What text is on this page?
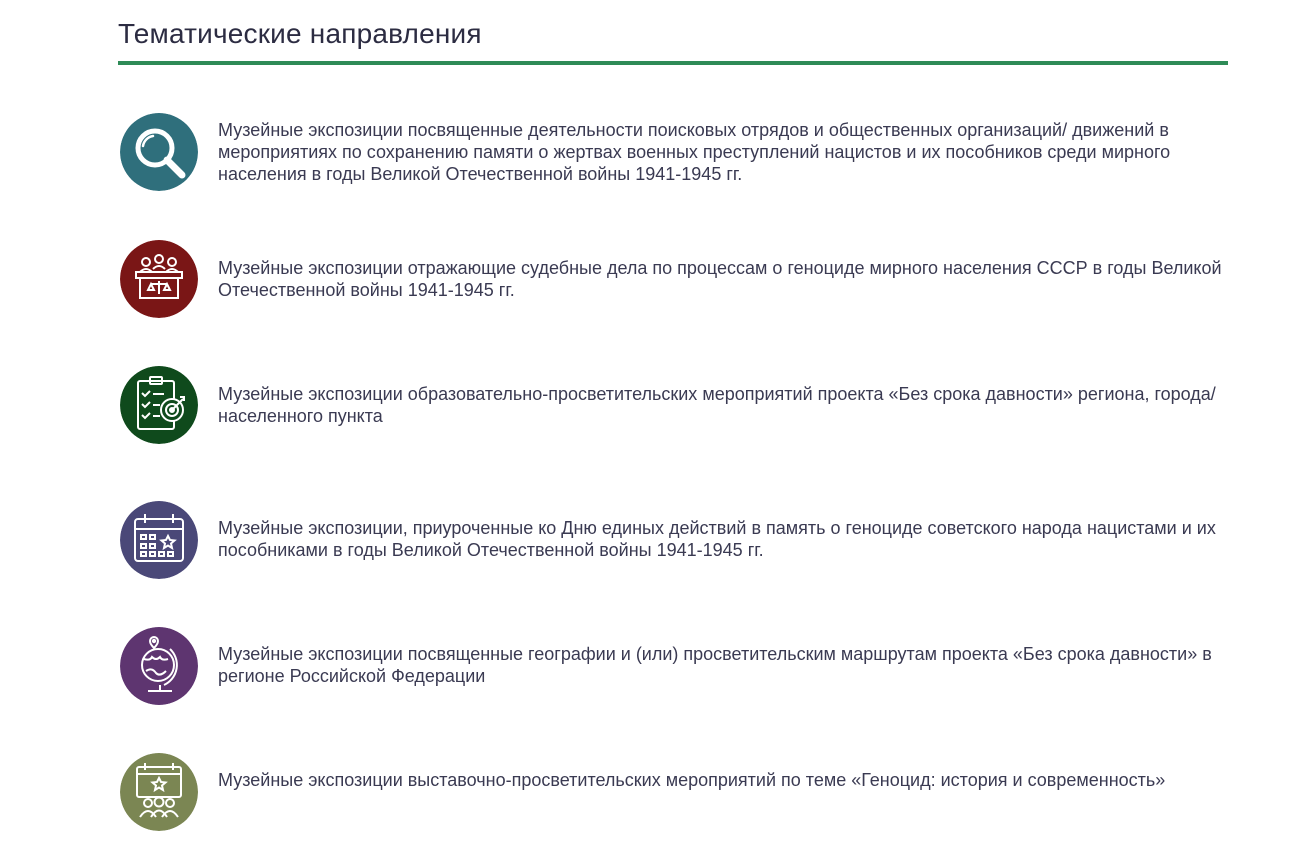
Тематические направления
Музейные экспозиции посвященные деятельности поисковых отрядов и общественных организаций/ движений в мероприятиях по сохранению памяти о жертвах военных преступлений нацистов и их пособников среди мирного населения в годы Великой Отечественной войны 1941-1945 гг.
Музейные экспозиции отражающие судебные дела по процессам о геноциде мирного населения СССР в годы Великой Отечественной войны 1941-1945 гг.
Музейные экспозиции образовательно-просветительских мероприятий проекта «Без срока давности» региона, города/населенного пункта
Музейные экспозиции, приуроченные ко Дню единых действий в память о геноциде советского народа нацистами и их пособниками в годы Великой Отечественной войны 1941-1945 гг.
Музейные экспозиции посвященные географии и (или) просветительским маршрутам проекта «Без срока давности» в регионе Российской Федерации
Музейные экспозиции выставочно-просветительских мероприятий по теме «Геноцид: история и современность»
